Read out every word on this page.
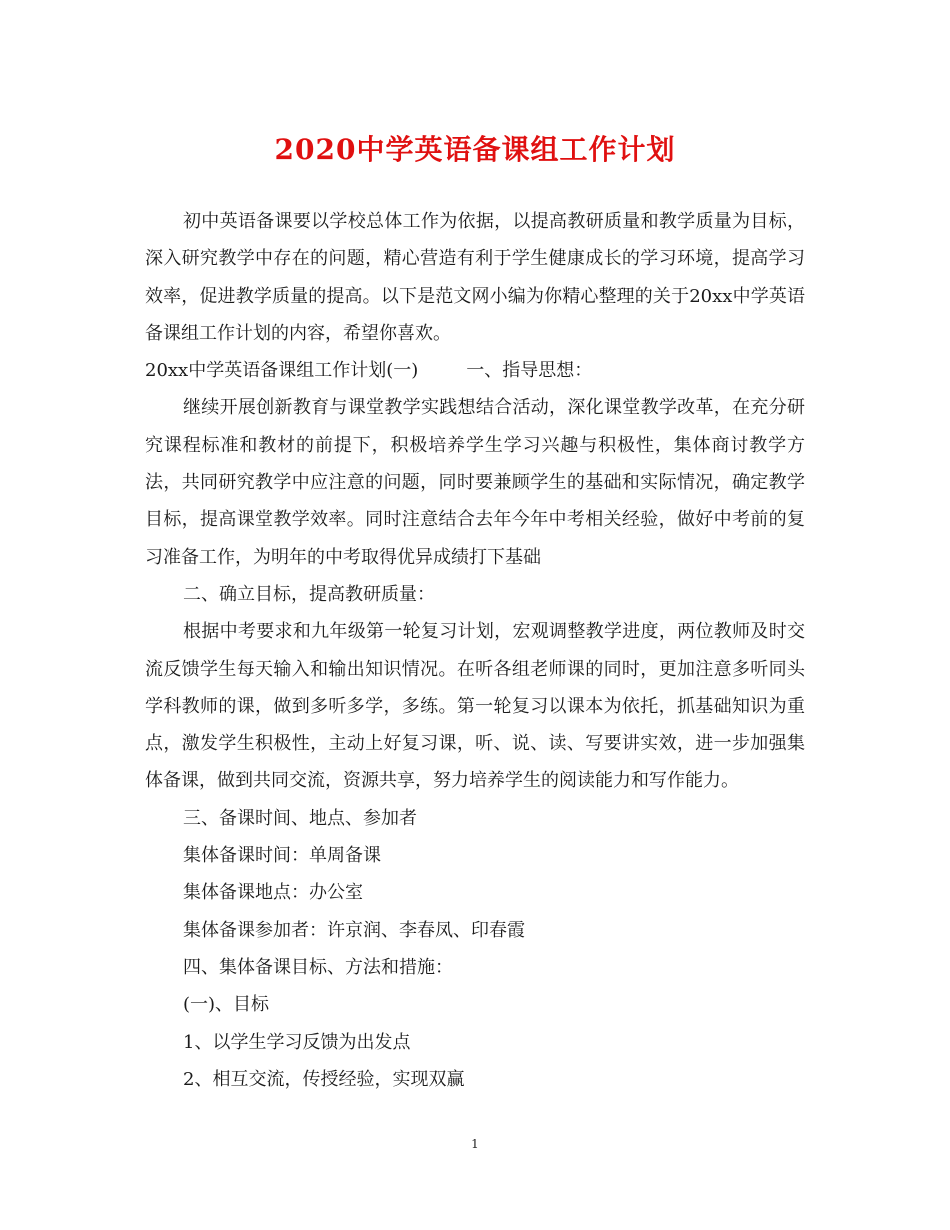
2020中学英语备课组工作计划

初中英语备课要以学校总体工作为依据，以提高教研质量和教学质量为目标，深入研究教学中存在的问题，精心营造有利于学生健康成长的学习环境，提高学习效率，促进教学质量的提高。以下是范文网小编为你精心整理的关于20xx中学英语备课组工作计划的内容，希望你喜欢。

20xx中学英语备课组工作计划(一)	一、指导思想：

继续开展创新教育与课堂教学实践想结合活动，深化课堂教学改革，在充分研究课程标准和教材的前提下，积极培养学生学习兴趣与积极性，集体商讨教学方法，共同研究教学中应注意的问题，同时要兼顾学生的基础和实际情况，确定教学目标，提高课堂教学效率。同时注意结合去年今年中考相关经验，做好中考前的复习准备工作，为明年的中考取得优异成绩打下基础

二、确立目标，提高教研质量：

根据中考要求和九年级第一轮复习计划，宏观调整教学进度，两位教师及时交流反馈学生每天输入和输出知识情况。在听各组老师课的同时，更加注意多听同头学科教师的课，做到多听多学，多练。第一轮复习以课本为依托，抓基础知识为重点，激发学生积极性，主动上好复习课，听、说、读、写要讲实效，进一步加强集体备课，做到共同交流，资源共享，努力培养学生的阅读能力和写作能力。

三、备课时间、地点、参加者

集体备课时间：单周备课

集体备课地点：办公室

集体备课参加者：许京润、李春凤、印春霞

四、集体备课目标、方法和措施：

(一)、目标

1、以学生学习反馈为出发点

2、相互交流，传授经验，实现双赢

1
